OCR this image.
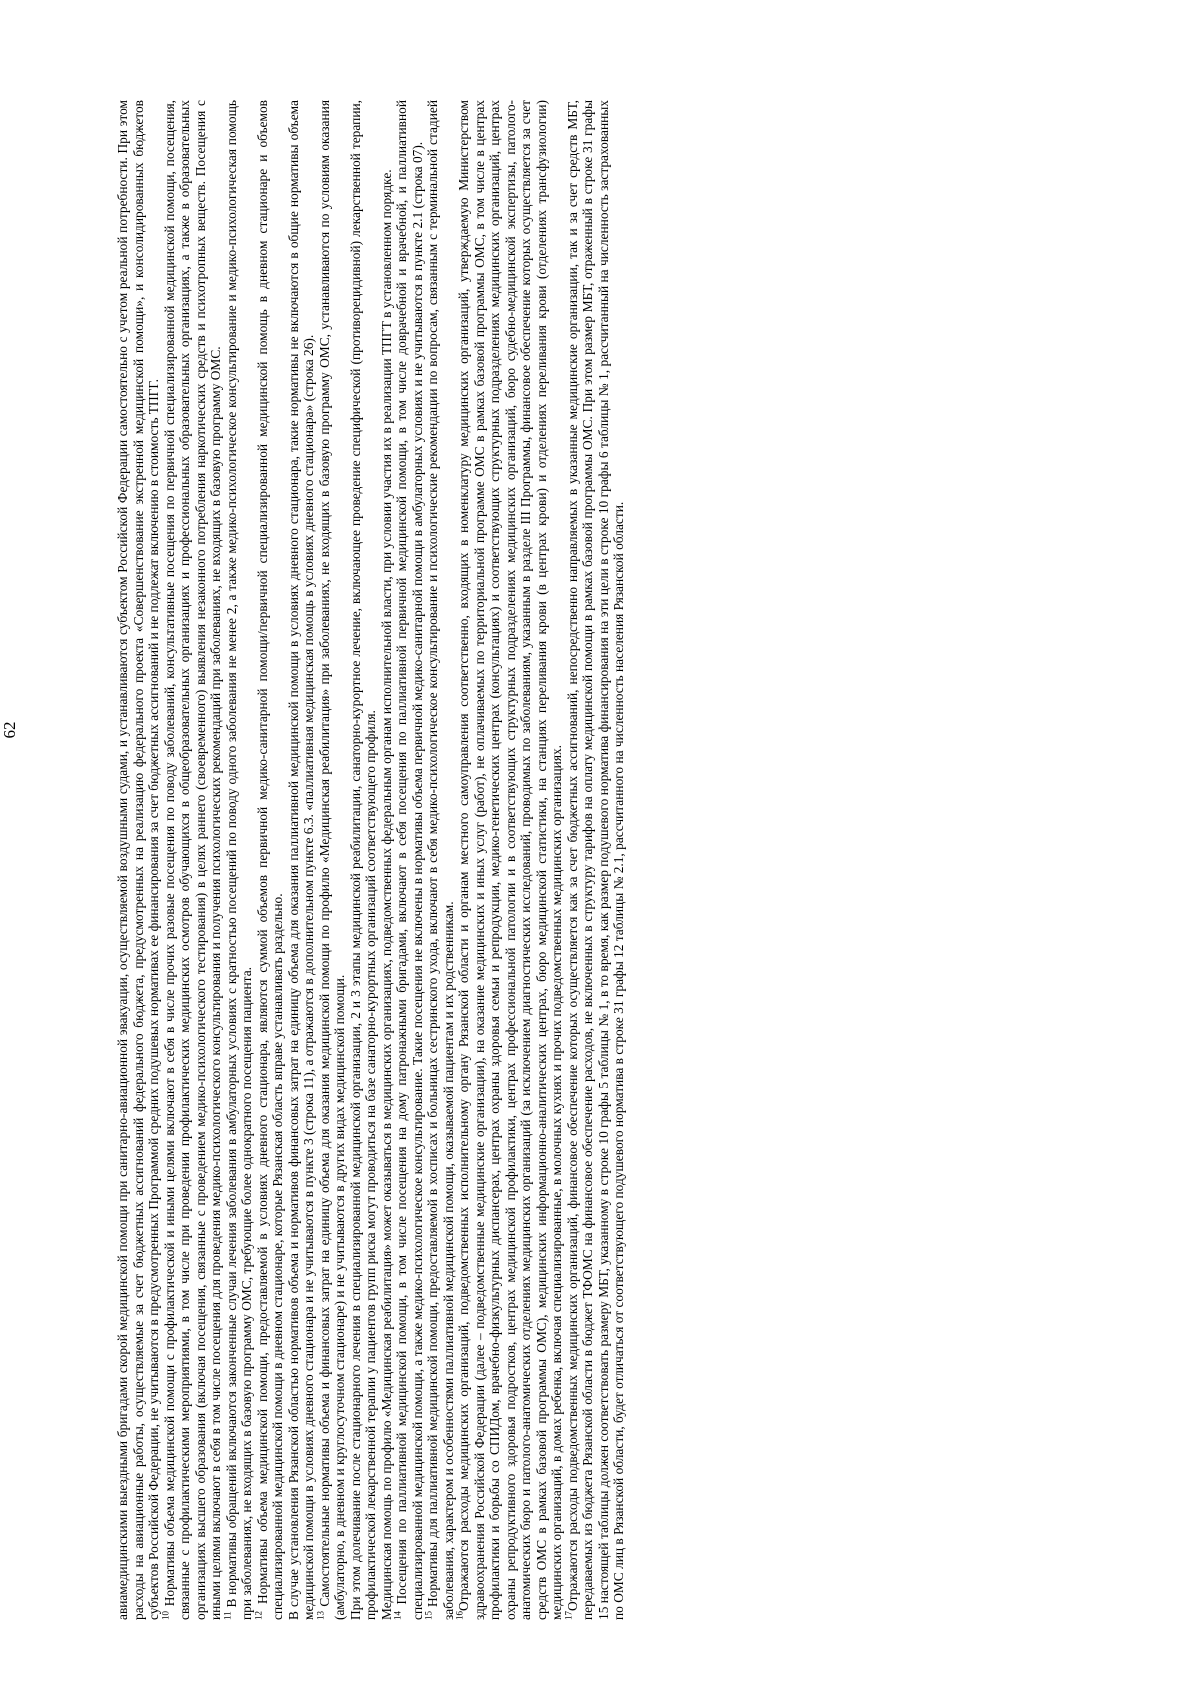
62	авиамедицинскими выездными бригадами скорой медицинской помощи при санитарно-авиационной эвакуации, осуществляемой воздушными судами, и устанавливаются субъектом Российской Федерации самостоятельно с учетом реальной потребности. При этом расходы на авиационные работы, осуществляемые за счет бюджетных ассигнований федерального бюджета, предусмотренных на реализацию федерального проекта «Совершенствование экстренной медицинской помощи», и консолидированных бюджетов субъектов Российской Федерации, не учитываются в предусмотренных Программой средних подушевых нормативах ее финансирования за счет бюджетных ассигнований и не подлежат включению в стоимость ТПГГ. $^{10}$ Нормативы объема медицинской помощи с профилактической и иными целями включают в себя в числе прочих разовые посещения по поводу заболеваний, консультативные посещения по первичной специализированной медицинской помощи, посещения, связанные с профилактическими мероприятиями, в том числе при проведении профилактических медицинских осмотров обучающихся в общеобразовательных организациях и профессиональных образовательных организациях, а также в образовательных организациях высшего образования (включая посещения, связанные с проведением медико-психологического тестирования) в целях раннего (своевременного) выявления незаконного потребления наркотических средств и психотропных веществ. Посещения с иными целями включают в себя в том числе посещения для проведения медико-психологического консультирования и получения психологических рекомендаций при заболеваниях, не входящих в базовую программу ОМС. $^{11}$ В нормативы обращений включаются законченные случаи лечения заболевания в амбулаторных условиях с кратностью посещений по поводу одного заболевания не менее 2, а также медико-психологическое консультирование и медико-психологическая помощь при заболеваниях, не входящих в базовую программу ОМС, требующие более однократного посещения пациента. $^{12}$ Нормативы объема медицинской помощи, предоставляемой в условиях дневного стационара, являются суммой объемов первичной медико-санитарной помощи/первичной специализированной медицинской помощь в дневном стационаре и объемов специализированной медицинской помощи в дневном стационаре, которые Рязанская область вправе устанавливать раздельно. В случае установления Рязанской областью нормативов объема и нормативов финансовых затрат на единицу объема для оказания паллиативной медицинской помощи в условиях дневного стационара, такие нормативы не включаются в общие нормативы объема медицинской помощи в условиях дневного стационара и не учитываются в пункте 3 (строка 11), а отражаются в дополнительном пункте 6.3. «паллиативная медицинская помощь в условиях дневного стационара» (строка 26). $^{13}$ Самостоятельные нормативы объема и финансовых затрат на единицу объема для оказания медицинской помощи по профилю «Медицинская реабилитация» при заболеваниях, не входящих в базовую программу ОМС, устанавливаются по условиям оказания (амбулаторно, в дневном и круглосуточном стационаре) и не учитываются в других видах медицинской помощи. При этом долечивание после стационарного лечения в специализированной медицинской организации, 2 и 3 этапы медицинской реабилитации, санаторно-курортное лечение, включающее проведение специфической (противорецидивной) лекарственной терапии, профилактической лекарственной терапии у пациентов групп риска могут проводиться на базе санаторно-курортных организаций соответствующего профиля. Медицинская помощь по профилю «Медицинская реабилитация» может оказываться в медицинских организациях, подведомственных федеральным органам исполнительной власти, при условии участия их в реализации ТПГТ в установленном порядке. $^{14}$ Посещения по паллиативной медицинской помощи, в том числе посещения на дому патронажными бригадами, включают в себя посещения по паллиативной первичной медицинской помощи, в том числе доврачебной и врачебной, и паллиативной специализированной медицинской помощи, а также медико-психологическое консультирование. Такие посещения не включены в нормативы объема первичной медико-санитарной помощи в амбулаторных условиях и не учитываются в пункте 2.1 (строка 07). $^{15}$ Нормативы для паллиативной медицинской помощи, предоставляемой в хосписах и больницах сестринского ухода, включают в себя медико-психологическое консультирование и психологические рекомендации по вопросам, связанным с терминальной стадией заболевания, характером и особенностями паллиативной медицинской помощи, оказываемой пациентам и их родственникам. $^{16}$Отражаются расходы медицинских организаций, подведомственных исполнительному органу Рязанской области и органам местного самоуправления соответственно, входящих в номенклатуру медицинских организаций, утверждаемую Министерством здравоохранения Российской Федерации (далее – подведомственные медицинские организации), на оказание медицинских и иных услуг (работ), не оплачиваемых по территориальной программе ОМС в рамках базовой программы ОМС, в том числе в центрах профилактики и борьбы со СПИДом, врачебно-физкультурных диспансерах, центрах охраны здоровья семьи и репродукции, медико-генетических центрах (консультациях) и соответствующих структурных подразделениях медицинских организаций, центрах охраны репродуктивного здоровья подростков, центрах медицинской профилактики, центрах профессиональной патологии и в соответствующих структурных подразделениях медицинских организаций, бюро судебно-медицинской экспертизы, патолого-анатомических бюро и патолого-анатомических отделениях медицинских организаций (за исключением диагностических исследований, проводимых по заболеваниям, указанным в разделе III Программы, финансовое обеспечение которых осуществляется за счет средств ОМС в рамках базовой программы ОМС), медицинских информационно-аналитических центрах, бюро медицинской статистики, на станциях переливания крови (в центрах крови) и отделениях переливания крови (отделениях трансфузиологии) медицинских организаций, в домах ребенка, включая специализированные, в молочных кухнях и прочих подведомственных медицинских организациях. $^{17}$Отражаются расходы подведомственных медицинских организаций, финансовое обеспечение которых осуществляется как за счет бюджетных ассигнований, непосредственно направляемых в указанные медицинские организации, так и за счет средств МБТ, передаваемых из бюджета Рязанской области в бюджет ТФОМС на финансовое обеспечение расходов, не включенных в структуру тарифов на оплату медицинской помощи в рамках базовой программы ОМС. При этом размер МБТ, отраженный в строке 31 графы 15 настоящей таблицы должен соответствовать размеру МБТ, указанному в строке 10 графы 5 таблицы № 1, в то время, как размер подушевого норматива финансирования на эти цели в строке 10 графы 6 таблицы № 1, рассчитанный на численность застрахованных по ОМС лиц в Рязанской области, будет отличаться от соответствующего подушевого норматива в строке 31 графы 12 таблицы № 2.1, рассчитанного на численность населения Рязанской области.
